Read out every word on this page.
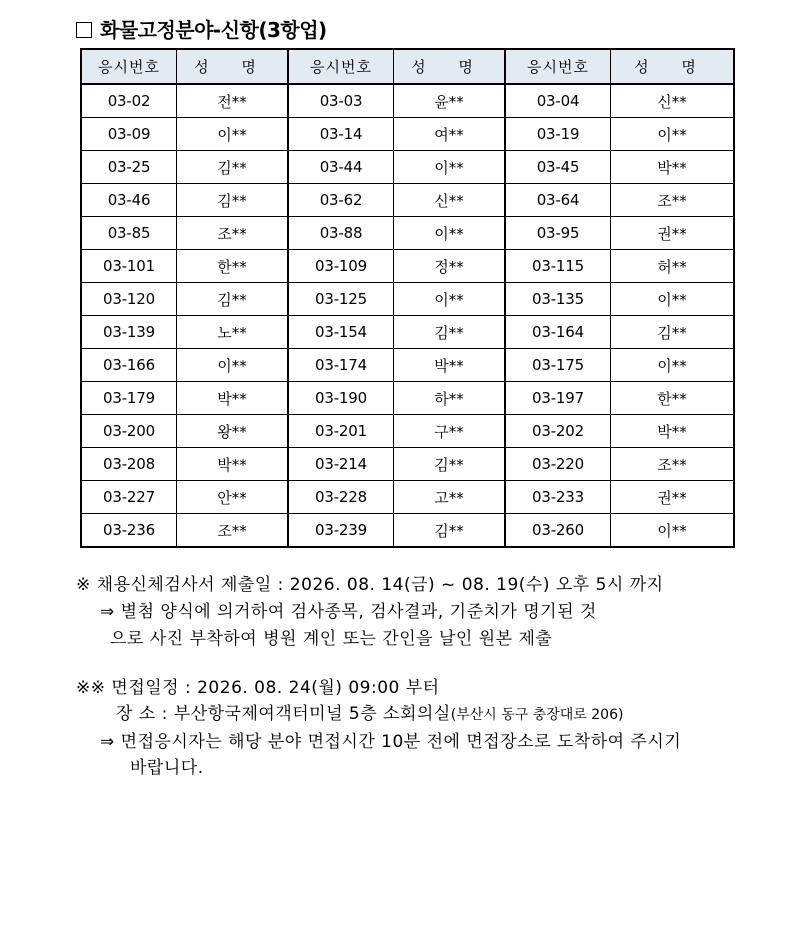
화물고정분야-신항(3항업)
응시번호	성 명	응시번호	성 명	응시번호	성 명
03-02	전**	03-03	윤**	03-04	신**
03-09	이**	03-14	여**	03-19	이**
03-25	김**	03-44	이**	03-45	박**
03-46	김**	03-62	신**	03-64	조**
03-85	조**	03-88	이**	03-95	권**
03-101	한**	03-109	정**	03-115	허**
03-120	김**	03-125	이**	03-135	이**
03-139	노**	03-154	김**	03-164	김**
03-166	이**	03-174	박**	03-175	이**
03-179	박**	03-190	하**	03-197	한**
03-200	왕**	03-201	구**	03-202	박**
03-208	박**	03-214	김**	03-220	조**
03-227	안**	03-228	고**	03-233	권**
03-236	조**	03-239	김**	03-260	이**
※ 채용신체검사서 제출일 : 2026. 08. 14(금) ~ 08. 19(수) 오후 5시 까지
⇒ 별첨 양식에 의거하여 검사종목, 검사결과, 기준치가 명기된 것
으로 사진 부착하여 병원 계인 또는 간인을 날인 원본 제출
※※ 면접일정 : 2026. 08. 24(월) 09:00 부터
장 소 : 부산항국제여객터미널 5층 소회의실(부산시 동구 충장대로 206)
⇒ 면접응시자는 해당 분야 면접시간 10분 전에 면접장소로 도착하여 주시기
바랍니다.
